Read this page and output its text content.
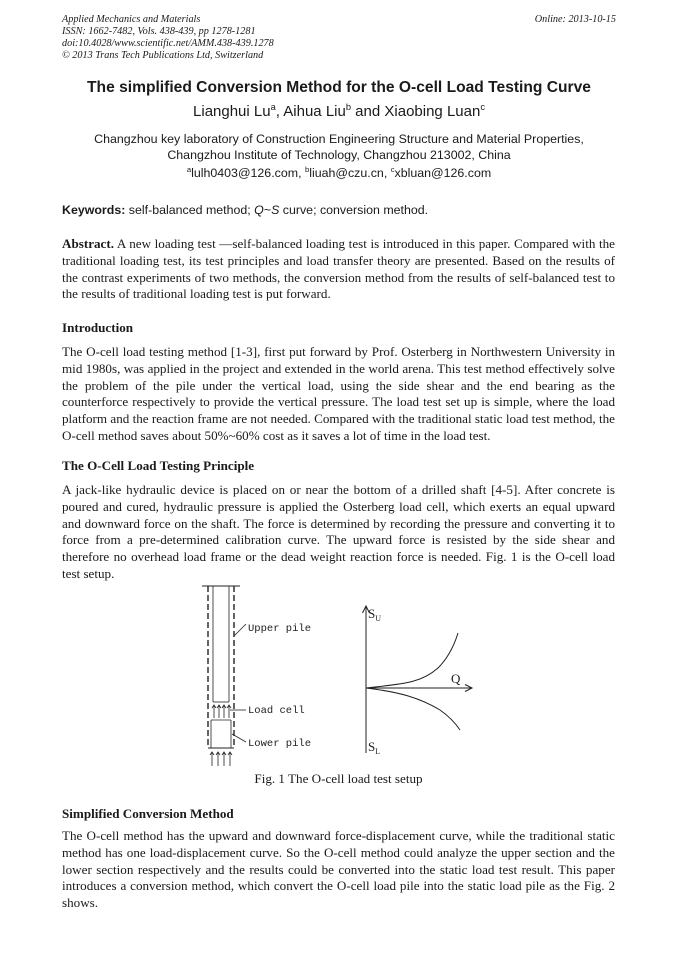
Applied Mechanics and Materials
ISSN: 1662-7482, Vols. 438-439, pp 1278-1281
doi:10.4028/www.scientific.net/AMM.438-439.1278
© 2013 Trans Tech Publications Ltd, Switzerland
Online: 2013-10-15
The simplified Conversion Method for the O-cell Load Testing Curve
Lianghui Lu$^a$, Aihua Liu$^b$ and Xiaobing Luan$^c$
Changzhou key laboratory of Construction Engineering Structure and Material Properties,
Changzhou Institute of Technology, Changzhou 213002, China
$^a$lulh0403@126.com, $^b$liuah@czu.cn, $^c$xbluan@126.com
Keywords: self-balanced method; Q~S curve; conversion method.

Abstract. A new loading test —self-balanced loading test is introduced in this paper. Compared with the traditional loading test, its test principles and load transfer theory are presented. Based on the results of the contrast experiments of two methods, the conversion method from the results of self-balanced test to the results of traditional loading test is put forward.

Introduction

The O-cell load testing method [1-3], first put forward by Prof. Osterberg in Northwestern University in mid 1980s, was applied in the project and extended in the world arena. This test method effectively solve the problem of the pile under the vertical load, using the side shear and the end bearing as the counterforce respectively to provide the vertical pressure. The load test set up is simple, where the load platform and the reaction frame are not needed. Compared with the traditional static load test method, the O-cell method saves about 50%~60% cost as it saves a lot of time in the load test.

The O-Cell Load Testing Principle

A jack-like hydraulic device is placed on or near the bottom of a drilled shaft [4-5]. After concrete is poured and cured, hydraulic pressure is applied the Osterberg load cell, which exerts an equal upward and downward force on the shaft. The force is determined by recording the pressure and converting it to force from a pre-determined calibration curve. The upward force is resisted by the side shear and therefore no overhead load frame or the dead weight reaction force is needed. Fig. 1 is the O-cell load test setup.

Upper pile
Load cell
Lower pile
$S_U$
Q
$S_L$
Fig. 1 The O-cell load test setup
Simplified Conversion Method

The O-cell method has the upward and downward force-displacement curve, while the traditional static method has one load-displacement curve. So the O-cell method could analyze the upper section and the lower section respectively and the results could be converted into the static load test result. This paper introduces a conversion method, which convert the O-cell load pile into the static load pile as the Fig. 2 shows.
